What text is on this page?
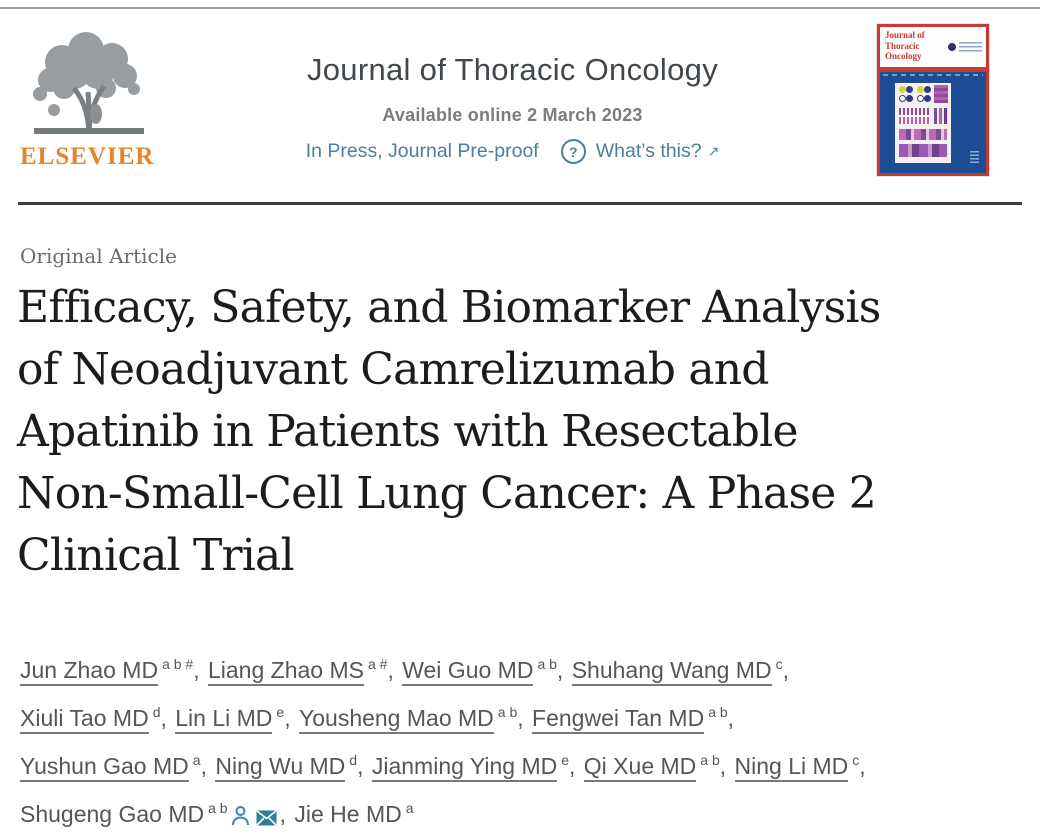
ELSEVIER
Journal of Thoracic Oncology
Available online 2 March 2023
In Press, Journal Pre-proof	? What’s this? ↗
Journal of
Thoracic
Oncology
Original Article
Efficacy, Safety, and Biomarker Analysis
of Neoadjuvant Camrelizumab and
Apatinib in Patients with Resectable
Non-Small-Cell Lung Cancer: A Phase 2
Clinical Trial
Jun Zhao MD $^{a b \#}$, Liang Zhao MS $^{a \#}$, Wei Guo MD $^{a b}$, Shuhang Wang MD $^c$,
Xiuli Tao MD $^d$, Lin Li MD $^e$, Yousheng Mao MD $^{a b}$, Fengwei Tan MD $^{a b}$,
Yushun Gao MD $^a$, Ning Wu MD $^d$, Jianming Ying MD $^e$, Qi Xue MD $^{a b}$, Ning Li MD $^c$,
Shugeng Gao MD $^{a b}$ , Jie He MD $^a$
